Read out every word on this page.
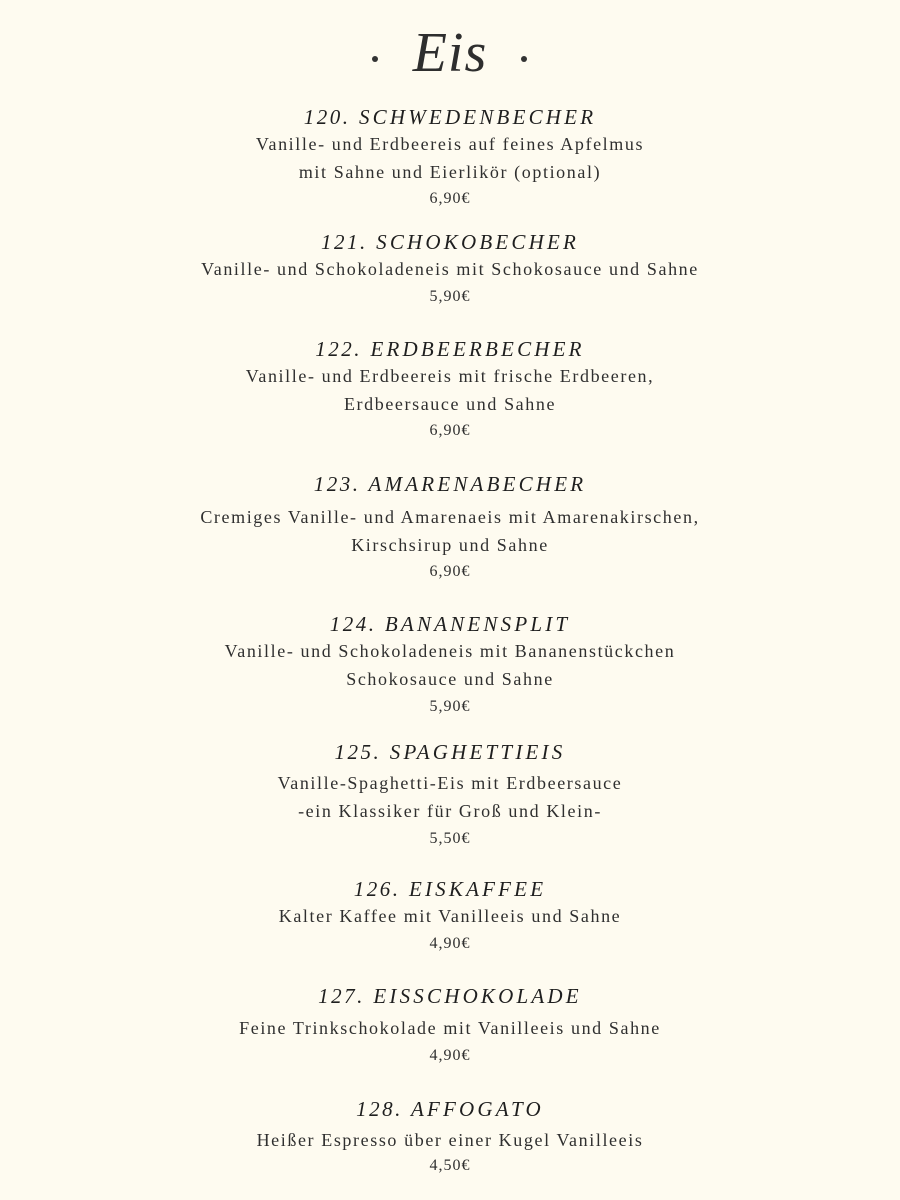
Eis

120. SCHWEDENBECHER

Vanille- und Erdbeereis auf feines Apfelmus

mit Sahne und Eierlikör (optional)

6,90€

121. SCHOKOBECHER

Vanille- und Schokoladeneis mit Schokosauce und Sahne

5,90€

122. ERDBEERBECHER

Vanille- und Erdbeereis mit frische Erdbeeren,

Erdbeersauce und Sahne

6,90€

123. AMARENABECHER

Cremiges Vanille- und Amarenaeis mit Amarenakirschen,

Kirschsirup und Sahne

6,90€

124. BANANENSPLIT

Vanille- und Schokoladeneis mit Bananenstückchen

Schokosauce und Sahne

5,90€

125. SPAGHETTIEIS

Vanille-Spaghetti-Eis mit Erdbeersauce

-ein Klassiker für Groß und Klein-

5,50€

126. EISKAFFEE

Kalter Kaffee mit Vanilleeis und Sahne

4,90€

127. EISSCHOKOLADE

Feine Trinkschokolade mit Vanilleeis und Sahne

4,90€

128. AFFOGATO

Heißer Espresso über einer Kugel Vanilleeis

4,50€
